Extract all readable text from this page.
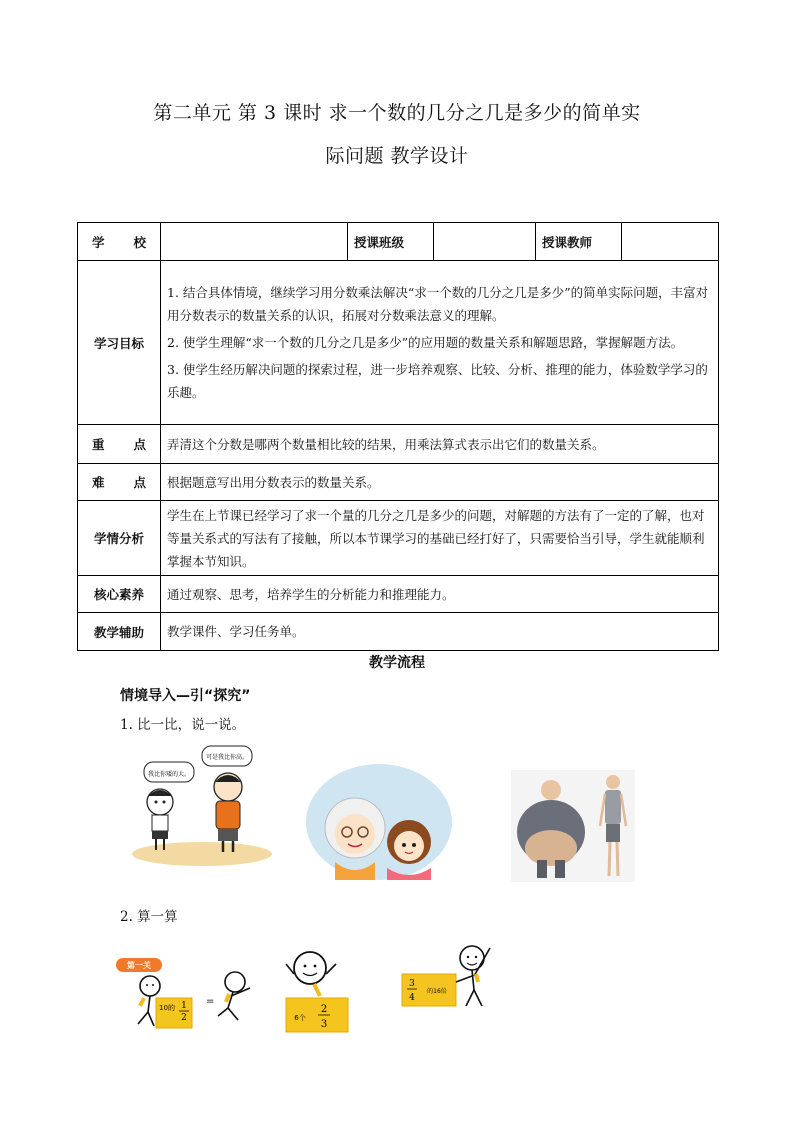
第二单元 第 3 课时 求一个数的几分之几是多少的简单实
际问题 教学设计
学 校		授课班级		授课教师	
学习目标	1. 结合具体情境，继续学习用分数乘法解决“求一个数的几分之几是多少”的简单实际问题，丰富对用分数表示的数量关系的认识，拓展对分数乘法意义的理解。

2. 使学生理解“求一个数的几分之几是多少”的应用题的数量关系和解题思路，掌握解题方法。

3. 使学生经历解决问题的探索过程，进一步培养观察、比较、分析、推理的能力，体验数学学习的乐趣。				

重 点	弄清这个分数是哪两个数量相比较的结果，用乘法算式表示出它们的数量关系。				

难 点	根据题意写出用分数表示的数量关系。				
学情分析	学生在上节课已经学习了求一个量的几分之几是多少的问题，对解题的方法有了一定的了解，也对等量关系式的写法有了接触，所以本节课学习的基础已经打好了，只需要恰当引导，学生就能顺利掌握本节知识。				
核心素养	通过观察、思考，培养学生的分析能力和推理能力。				
教学辅助	教学课件、学习任务单。				
教学流程
情境导入—引“探究”
1. 比一比，说一说。
我比你矮的大。
可是我比你高。
2. 算一算
第一关
10的 1
2
=
6个
2
3
3
4
的16倍
